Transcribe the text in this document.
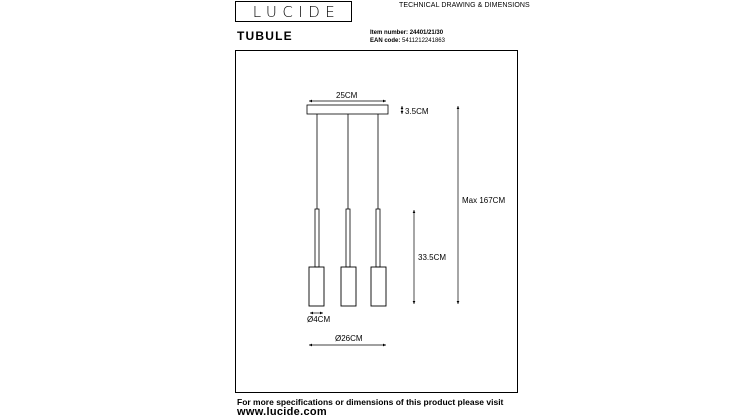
LUCIDE	TECHNICAL DRAWING & DIMENSIONS
TUBULE	Item number: 24401/21/30
EAN code: 5411212241863
25CM
3.5CM
Max 167CM
33.5CM
Ø4CM
Ø26CM
For more specifications or dimensions of this product please visit
www.lucide.com
